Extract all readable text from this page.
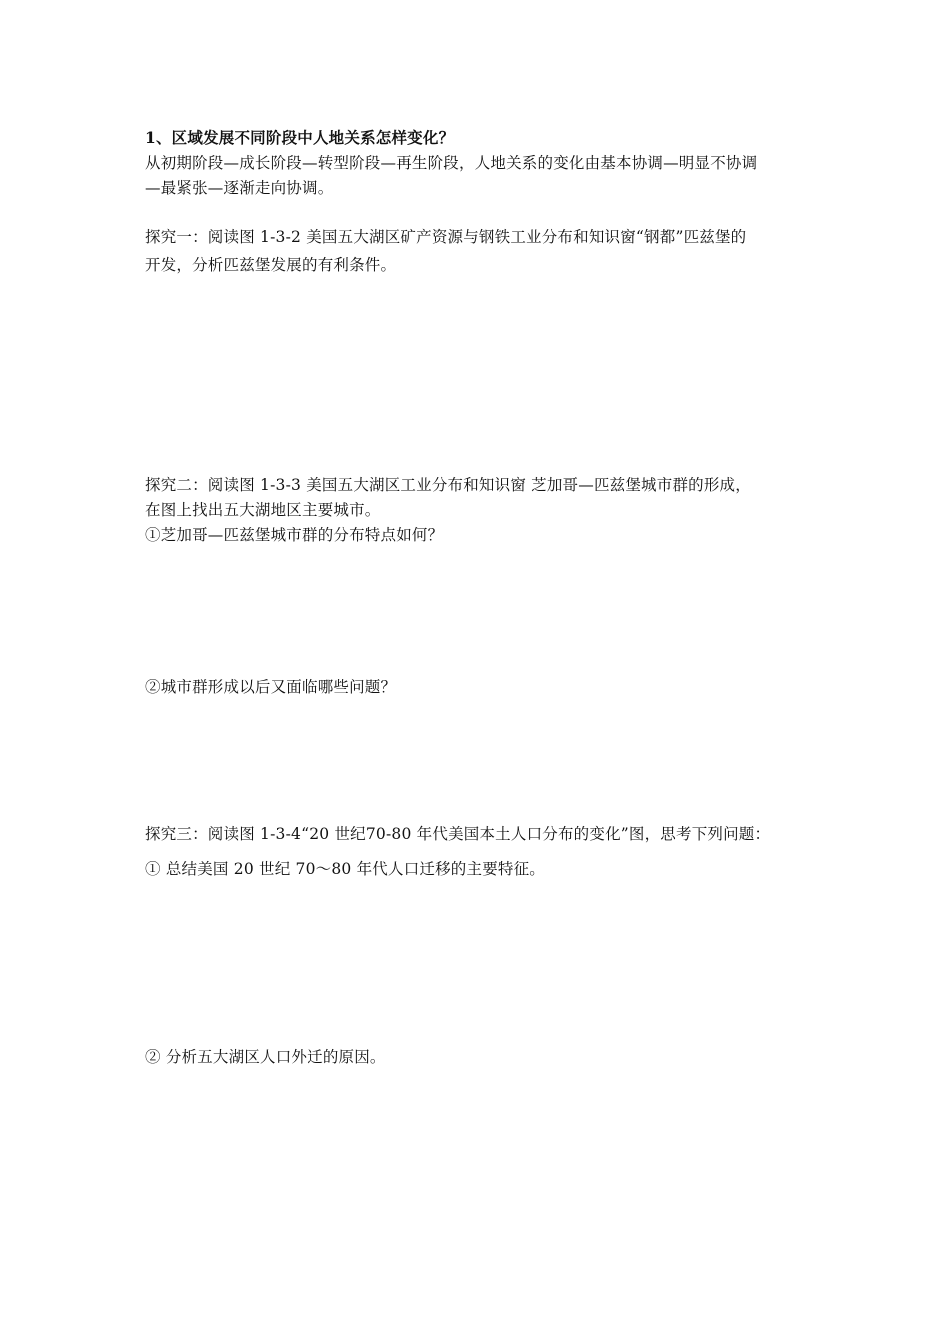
1、区域发展不同阶段中人地关系怎样变化？
从初期阶段—成长阶段—转型阶段—再生阶段，人地关系的变化由基本协调—明显不协调
—最紧张—逐渐走向协调。
探究一：阅读图 1-3-2 美国五大湖区矿产资源与钢铁工业分布和知识窗“钢都”匹兹堡的
开发，分析匹兹堡发展的有利条件。
探究二：阅读图 1-3-3 美国五大湖区工业分布和知识窗 芝加哥—匹兹堡城市群的形成，
在图上找出五大湖地区主要城市。
①芝加哥—匹兹堡城市群的分布特点如何？
②城市群形成以后又面临哪些问题？
探究三：阅读图 1-3-4“20 世纪70-80 年代美国本土人口分布的变化”图，思考下列问题：
① 总结美国 20 世纪 70～80 年代人口迁移的主要特征。
② 分析五大湖区人口外迁的原因。
